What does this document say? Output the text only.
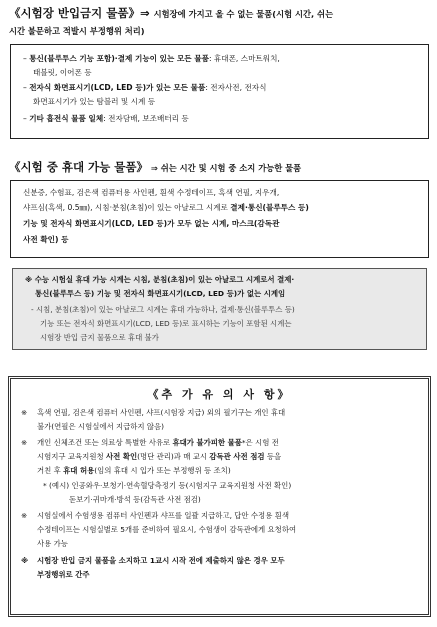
《시험장 반입금지 물품》⇒ 시험장에 가지고 올 수 없는 물품(시험 시간, 쉬는
시간 불문하고 적발시 부정행위 처리)
– 통신(블루투스 기능 포함)·결제 기능이 있는 모든 물품: 휴대폰, 스마트워치,
태블릿, 이어폰 등
– 전자식 화면표시기(LCD, LED 등)가 있는 모든 물품: 전자사전, 전자식
화면표시기가 있는 탐블러 및 시계 등
– 기타 흡전식 물품 일체: 전자담배, 보조배터리 등
《시험 중 휴대 가능 물품》 ⇒ 쉬는 시간 및 시험 중 소지 가능한 물품
신분증, 수험표, 검은색 컴퓨터용 사인펜, 흰색 수정테이프, 흑색 연필, 지우개,
샤프심(흑색, 0.5㎜), 시침·분침(초침)이 있는 아날로그 시계로 결제·통신(블루투스 등)
기능 및 전자식 화면표시기(LCD, LED 등)가 모두 없는 시계, 마스크(감독관
사전 확인) 등
※ 수능 시험실 휴대 가능 시계는 시침, 분침(초침)이 있는 아날로그 시계로서 결제·
통신(블루투스 등) 기능 및 전자식 화면표시기(LCD, LED 등)가 없는 시계임
- 시침, 분침(초침)이 있는 아날로그 시계는 휴대 가능하나, 결제·통신(블루투스 등)
기능 또는 전자식 화면표시기(LCD, LED 등)로 표시하는 기능이 포함된 시계는
시험장 반입 금지 물품으로 휴대 불가
《추 가 유 의 사 항》
※ 흑색 연필, 검은색 컴퓨터 사인펜, 샤프(시험장 지급) 외의 필기구는 개인 휴대
불가(연필은 시험실에서 지급하지 않음)
※ 개인 신체조건 또는 의료상 특별한 사유로 휴대가 불가피한 물품*은 시험 전
시험지구 교육지원청 사전 확인(명단 관리)과 매 교시 감독관 사전 점검 등을
거친 후 휴대 허용(임의 휴대 시 입가 또는 부정행위 등 조치)
* (예시) 인공와우·보청기·연속혈당측정기 등(시험지구 교육지원청 사전 확인)
돋보기·귀마개·방석 등(감독관 사전 점검)
※ 시험실에서 수험생용 컴퓨터 사인펜과 샤프를 일괄 지급하고, 답안 수정용 흰색
수정테이프는 시험실별로 5개를 준비하여 필요시, 수험생이 감독관에게 요청하여
사용 가능
※ 시험장 반입 금지 물품을 소지하고 1교시 시작 전에 제출하지 않은 경우 모두
부정행위로 간주
